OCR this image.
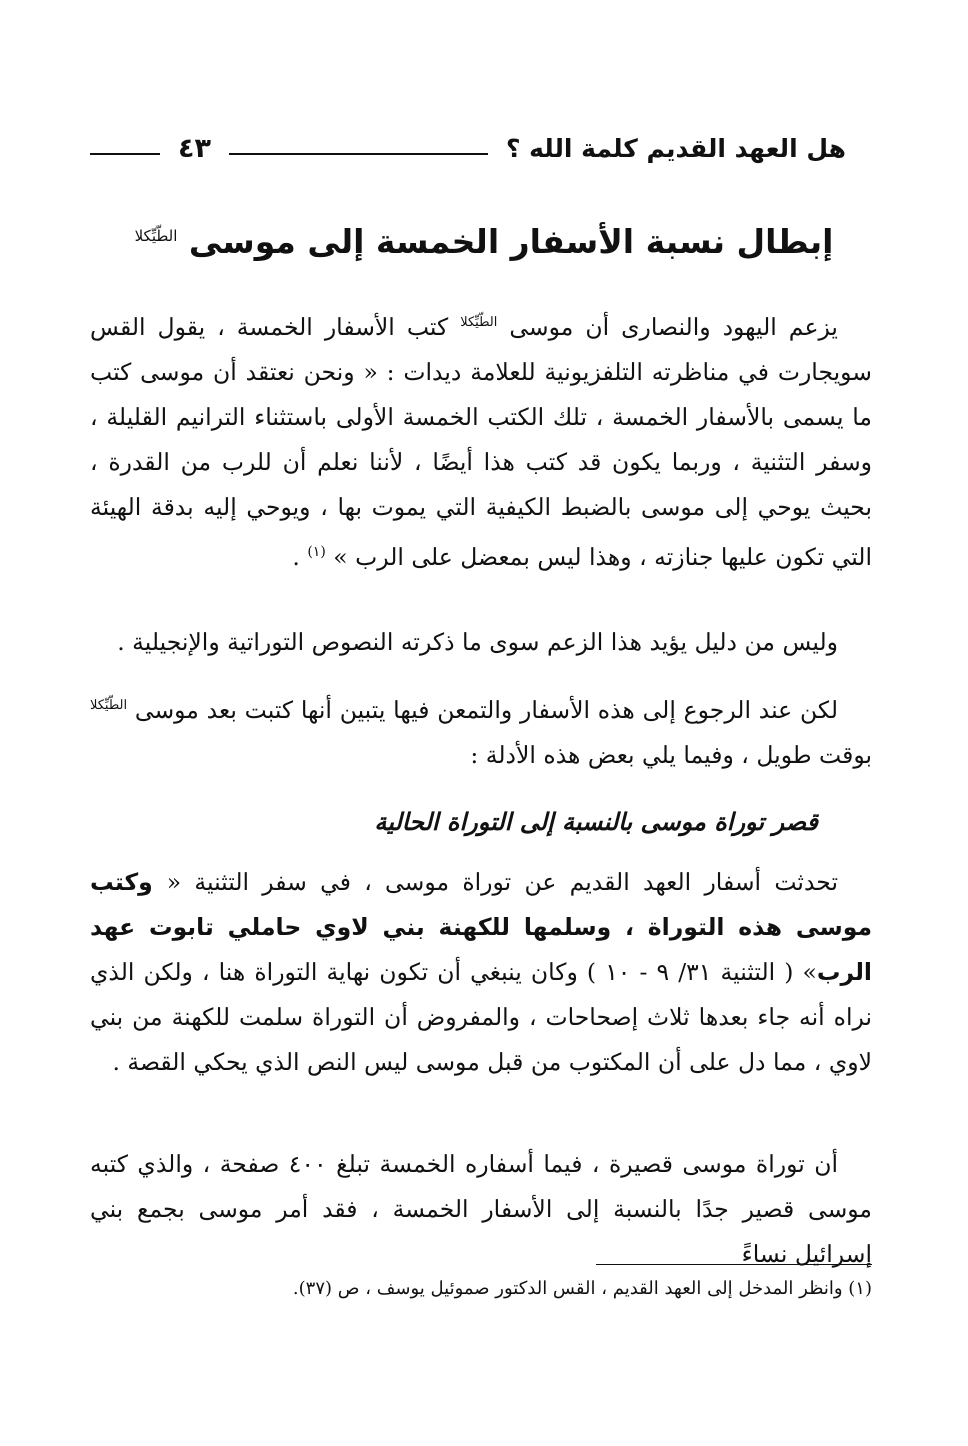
هل العهد القديم كلمة الله ؟
٤٣
إبطال نسبة الأسفار الخمسة إلى موسى $^{الطّيِّكلا}$

يزعم اليهود والنصارى أن موسى $^{الطّيِّكلا}$ كتب الأسفار الخمسة ، يقول القس سويجارت في مناظرته التلفزيونية للعلامة ديدات : « ونحن نعتقد أن موسى كتب ما يسمى بالأسفار الخمسة ، تلك الكتب الخمسة الأولى باستثناء الترانيم القليلة ، وسفر التثنية ، وربما يكون قد كتب هذا أيضًا ، لأننا نعلم أن للرب من القدرة ، بحيث يوحي إلى موسى بالضبط الكيفية التي يموت بها ، ويوحي إليه بدقة الهيئة التي تكون عليها جنازته ، وهذا ليس بمعضل على الرب » $^{(١)}$ .

وليس من دليل يؤيد هذا الزعم سوى ما ذكرته النصوص التوراتية والإنجيلية .

لكن عند الرجوع إلى هذه الأسفار والتمعن فيها يتبين أنها كتبت بعد موسى $^{الطّيِّكلا}$ بوقت طويل ، وفيما يلي بعض هذه الأدلة :

قصر توراة موسى بالنسبة إلى التوراة الحالية

تحدثت أسفار العهد القديم عن توراة موسى ، في سفر التثنية « وكتب موسى هذه التوراة ، وسلمها للكهنة بني لاوي حاملي تابوت عهد الرب» ( التثنية ٣١/ ٩ - ١٠ ) وكان ينبغي أن تكون نهاية التوراة هنا ، ولكن الذي نراه أنه جاء بعدها ثلاث إصحاحات ، والمفروض أن التوراة سلمت للكهنة من بني لاوي ، مما دل على أن المكتوب من قبل موسى ليس النص الذي يحكي القصة .

أن توراة موسى قصيرة ، فيما أسفاره الخمسة تبلغ ٤٠٠ صفحة ، والذي كتبه موسى قصير جدًا بالنسبة إلى الأسفار الخمسة ، فقد أمر موسى بجمع بني إسرائيل نساءً

(١) وانظر المدخل إلى العهد القديم ، القس الدكتور صموئيل يوسف ، ص (٣٧).
